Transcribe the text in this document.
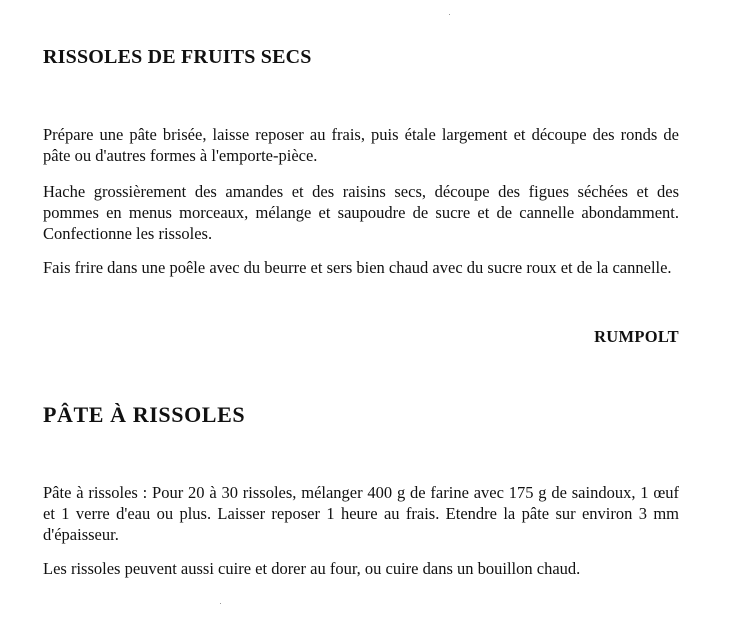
RISSOLES DE FRUITS SECS

Prépare une pâte brisée, laisse reposer au frais, puis étale largement et découpe des ronds de pâte ou d'autres formes à l'emporte-pièce.

Hache grossièrement des amandes et des raisins secs, découpe des figues séchées et des pommes en menus morceaux, mélange et saupoudre de sucre et de cannelle abondamment. Confectionne les rissoles.

Fais frire dans une poêle avec du beurre et sers bien chaud avec du sucre roux et de la cannelle.

RUMPOLT

PÂTE À RISSOLES

Pâte à rissoles : Pour 20 à 30 rissoles, mélanger 400 g de farine avec 175 g de saindoux, 1 œuf et 1 verre d'eau ou plus. Laisser reposer 1 heure au frais. Etendre la pâte sur environ 3 mm d'épaisseur.

Les rissoles peuvent aussi cuire et dorer au four, ou cuire dans un bouillon chaud.
